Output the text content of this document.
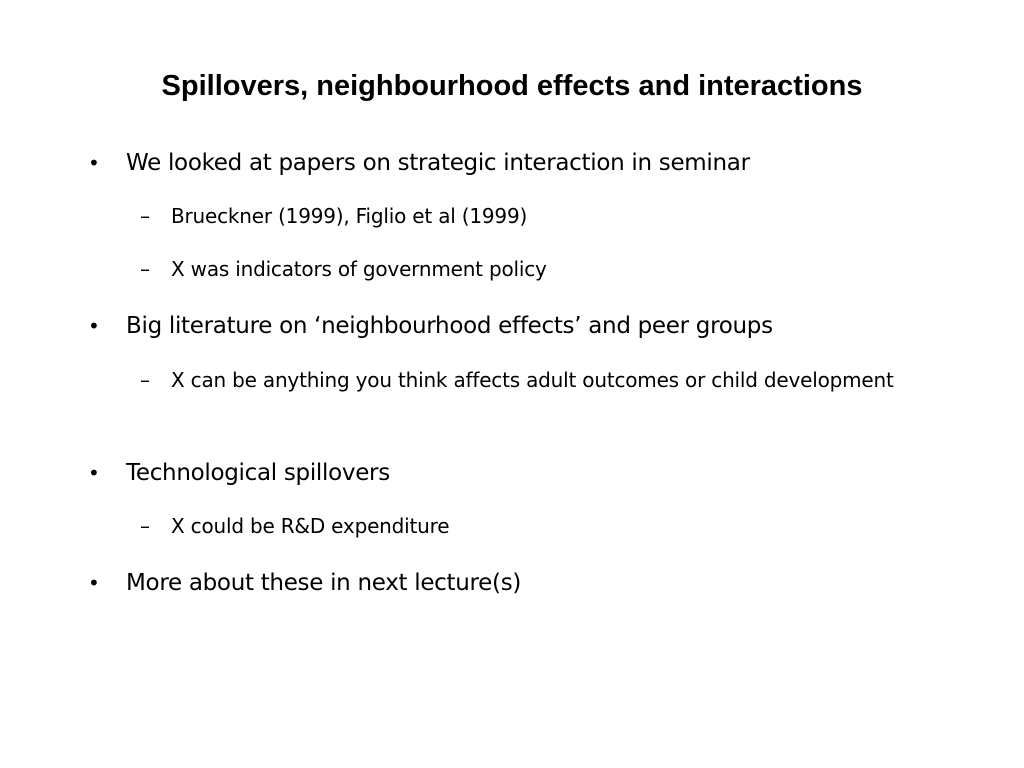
Spillovers, neighbourhood effects and interactions
•	We looked at papers on strategic interaction in seminar
– Brueckner (1999), Figlio et al (1999)
– X was indicators of government policy
•	Big literature on ‘neighbourhood effects’ and peer groups
– X can be anything you think affects adult outcomes or child development
•	Technological spillovers
– X could be R&D expenditure
•	More about these in next lecture(s)
